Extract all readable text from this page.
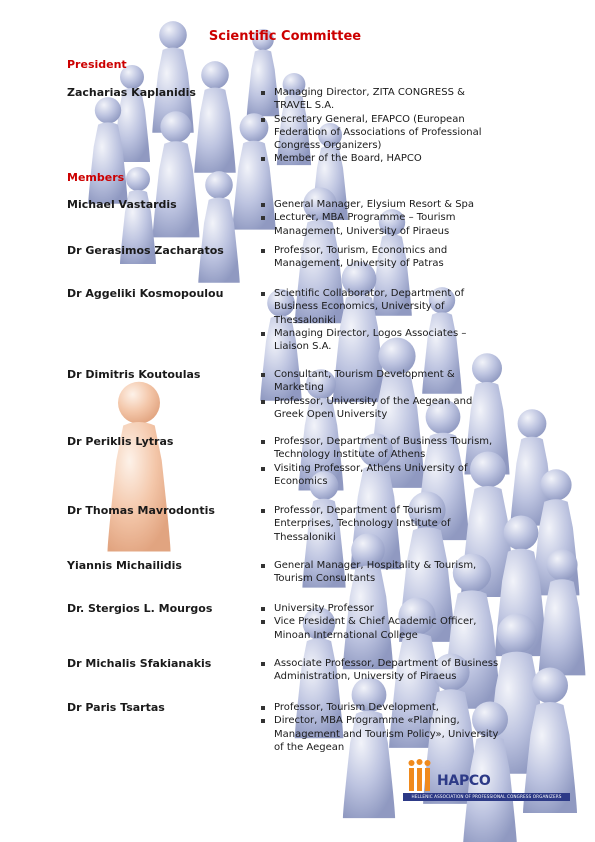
Scientific Committee
President
Zacharias Kaplanidis	Managing Director, ZITA CONGRESS & TRAVEL S.A.
Secretary General, EFAPCO (European Federation of Associations of Professional Congress Organizers)
Member of the Board, HAPCO
Members
Michael Vastardis	General Manager, Elysium Resort & Spa
Lecturer, MBA Programme – Tourism Management, University of Piraeus
Dr Gerasimos Zacharatos	Professor, Tourism, Economics and Management, University of Patras
Dr Aggeliki Kosmopoulou	Scientific Collaborator, Department of Business Economics, University of Thessaloniki
Managing Director, Logos Associates – Liaison S.A.
Dr Dimitris Koutoulas	Consultant, Tourism Development & Marketing
Professor, University of the Aegean and Greek Open University
Dr Periklis Lytras	Professor, Department of Business Tourism, Technology Institute of Athens
Visiting Professor, Athens University of Economics
Dr Thomas Mavrodontis	Professor, Department of Tourism Enterprises, Technology Institute of Thessaloniki
Yiannis Michailidis	General Manager, Hospitality & Tourism, Tourism Consultants
Dr. Stergios L. Mourgos	University Professor
Vice President & Chief Academic Officer, Minoan International College
Dr Michalis Sfakianakis	Associate Professor, Department of Business Administration, University of Piraeus
Dr Paris Tsartas	Professor, Tourism Development,
Director, MBA Programme «Planning, Management and Tourism Policy», University of the Aegean
HAPCO
HELLENIC ASSOCIATION OF PROFESSIONAL CONGRESS ORGANIZERS
